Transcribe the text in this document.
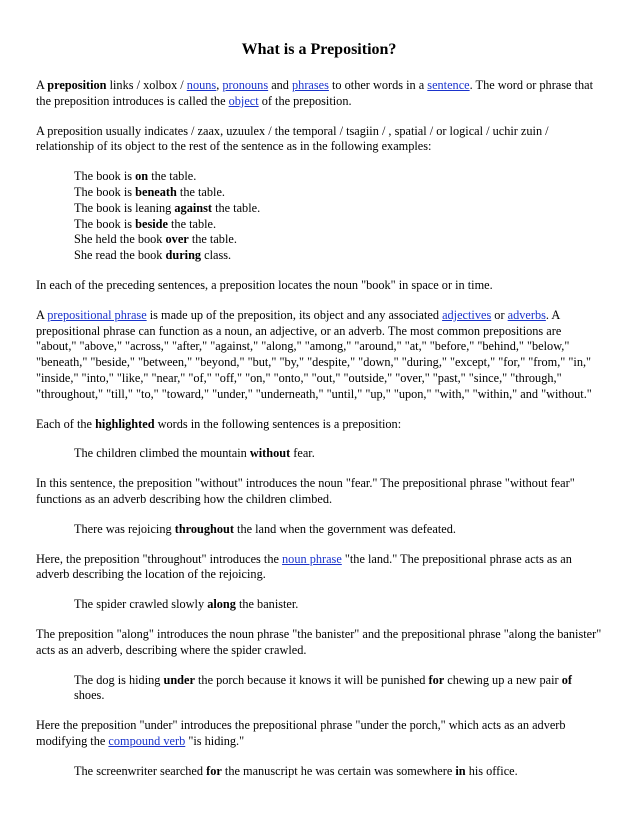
What is a Preposition?

A preposition links / xolbox / nouns, pronouns and phrases to other words in a sentence. The word or phrase that the preposition introduces is called the object of the preposition.

A preposition usually indicates / zaax, uzuulex / the temporal / tsagiin / , spatial / or logical / uchir zuin / relationship of its object to the rest of the sentence as in the following examples:

The book is on the table.
The book is beneath the table.
The book is leaning against the table.
The book is beside the table.
She held the book over the table.
She read the book during class.

In each of the preceding sentences, a preposition locates the noun "book" in space or in time.

A prepositional phrase is made up of the preposition, its object and any associated adjectives or adverbs. A prepositional phrase can function as a noun, an adjective, or an adverb. The most common prepositions are "about," "above," "across," "after," "against," "along," "among," "around," "at," "before," "behind," "below," "beneath," "beside," "between," "beyond," "but," "by," "despite," "down," "during," "except," "for," "from," "in," "inside," "into," "like," "near," "of," "off," "on," "onto," "out," "outside," "over," "past," "since," "through," "throughout," "till," "to," "toward," "under," "underneath," "until," "up," "upon," "with," "within," and "without."

Each of the highlighted words in the following sentences is a preposition:

The children climbed the mountain without fear.

In this sentence, the preposition "without" introduces the noun "fear." The prepositional phrase "without fear" functions as an adverb describing how the children climbed.

There was rejoicing throughout the land when the government was defeated.

Here, the preposition "throughout" introduces the noun phrase "the land." The prepositional phrase acts as an adverb describing the location of the rejoicing.

The spider crawled slowly along the banister.

The preposition "along" introduces the noun phrase "the banister" and the prepositional phrase "along the banister" acts as an adverb, describing where the spider crawled.

The dog is hiding under the porch because it knows it will be punished for chewing up a new pair of shoes.

Here the preposition "under" introduces the prepositional phrase "under the porch," which acts as an adverb modifying the compound verb "is hiding."

The screenwriter searched for the manuscript he was certain was somewhere in his office.
